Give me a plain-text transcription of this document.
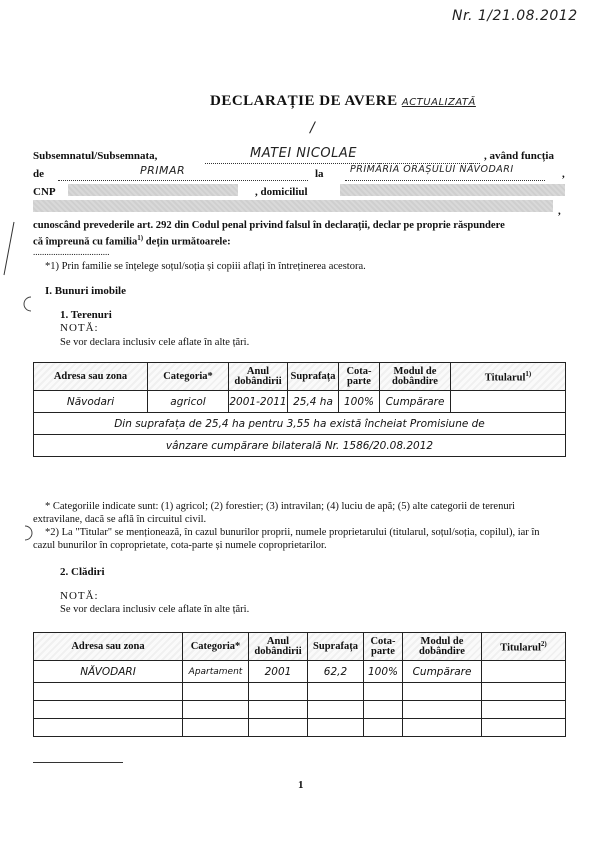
Nr. 1/21.08.2012
DECLARAȚIE DE AVERE ACTUALIZATĂ
/
Subsemnatul/Subsemnata,	MATEI NICOLAE	, având funcția
de	PRIMAR	la	PRIMĂRIA ORAȘULUI NĂVODARI	,
CNP	, domiciliul
,
cunoscând prevederile art. 292 din Codul penal privind falsul în declarații, declar pe proprie răspundere
că împreună cu familia$^{1)}$ dețin următoarele:
..................................
*1) Prin familie se înțelege soțul/soția și copiii aflați în întreținerea acestora.
I. Bunuri imobile
1. Terenuri
NOTĂ:
Se vor declara inclusiv cele aflate în alte țări.
Adresa sau zona	Categoria*	Anul dobândirii	Suprafața	Cota-parte	Modul de dobândire	Titularul$^{1)}$
Năvodari	agricol	2001-2011	25,4 ha	100%	Cumpărare	
Din suprafața de 25,4 ha pentru 3,55 ha există încheiat Promisiune de						
vânzare cumpărare bilaterală Nr. 1586/20.08.2012						
* Categoriile indicate sunt: (1) agricol; (2) forestier; (3) intravilan; (4) luciu de apă; (5) alte categorii de terenuri extravilane, dacă se află în circuitul civil.
*2) La "Titular" se menționează, în cazul bunurilor proprii, numele proprietarului (titularul, soțul/soția, copilul), iar în cazul bunurilor în coproprietate, cota-parte și numele coproprietarilor.
2. Clădiri
NOTĂ:
Se vor declara inclusiv cele aflate în alte țări.
Adresa sau zona	Categoria*	Anul dobândirii	Suprafața	Cota-parte	Modul de dobândire	Titularul$^{2)}$
NĂVODARI	Apartament	2001	62,2	100%	Cumpărare	

1
